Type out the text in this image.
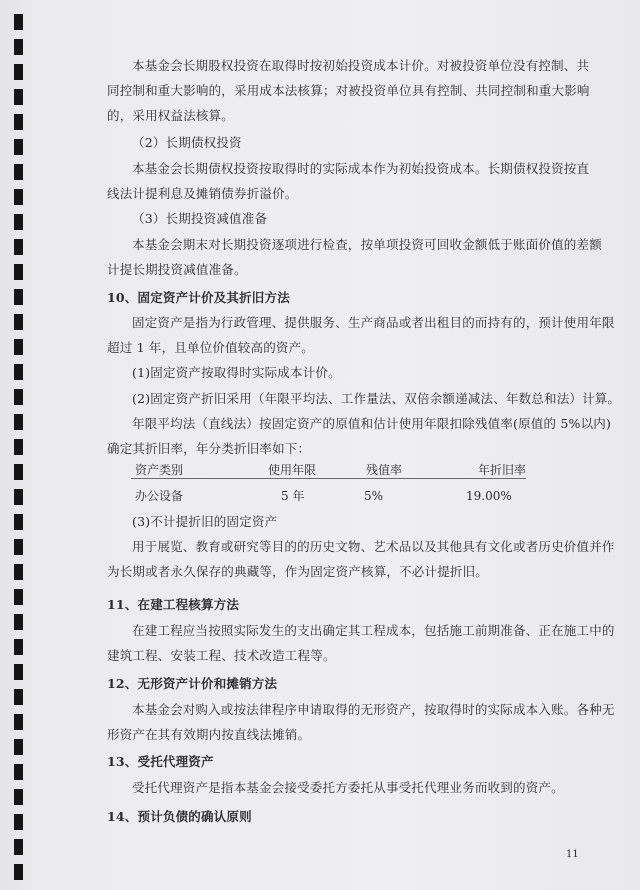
本基金会长期股权投资在取得时按初始投资成本计价。对被投资单位没有控制、共
同控制和重大影响的，采用成本法核算；对被投资单位具有控制、共同控制和重大影响
的，采用权益法核算。
（2）长期债权投资
本基金会长期债权投资按取得时的实际成本作为初始投资成本。长期债权投资按直
线法计提利息及摊销债券折溢价。
（3）长期投资减值准备
本基金会期末对长期投资逐项进行检查，按单项投资可回收金额低于账面价值的差额
计提长期投资减值准备。
10、固定资产计价及其折旧方法
固定资产是指为行政管理、提供服务、生产商品或者出租目的而持有的，预计使用年限
超过 1 年，且单位价值较高的资产。
(1)固定资产按取得时实际成本计价。
(2)固定资产折旧采用（年限平均法、工作量法、双倍余额递减法、年数总和法）计算。
年限平均法（直线法）按固定资产的原值和估计使用年限扣除残值率(原值的 5%以内)
确定其折旧率，年分类折旧率如下：
资产类别	使用年限	残值率	年折旧率
办公设备	5 年	5%	19.00%
(3)不计提折旧的固定资产
用于展览、教育或研究等目的的历史文物、艺术品以及其他具有文化或者历史价值并作
为长期或者永久保存的典藏等，作为固定资产核算，不必计提折旧。
11、在建工程核算方法
在建工程应当按照实际发生的支出确定其工程成本，包括施工前期准备、正在施工中的
建筑工程、安装工程、技术改造工程等。
12、无形资产计价和摊销方法
本基金会对购入或按法律程序申请取得的无形资产，按取得时的实际成本入账。各种无
形资产在其有效期内按直线法摊销。
13、受托代理资产
受托代理资产是指本基金会接受委托方委托从事受托代理业务而收到的资产。
14、预计负债的确认原则
11
